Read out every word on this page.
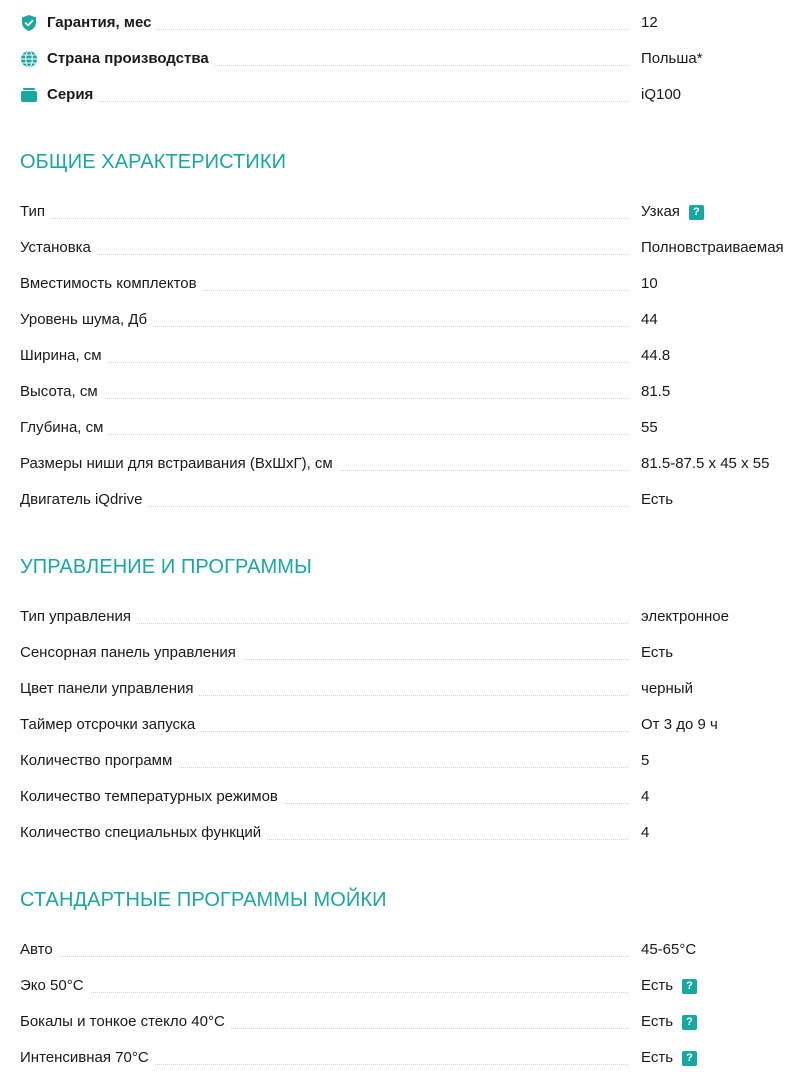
Гарантия, мес	12
Страна производства	Польша*
Серия	iQ100
ОБЩИЕ ХАРАКТЕРИСТИКИ
Тип	Узкая	?
Установка	Полновстраиваемая
Вместимость комплектов	10
Уровень шума, Дб	44
Ширина, см	44.8
Высота, см	81.5
Глубина, см	55
Размеры ниши для встраивания (ВхШхГ), см	81.5-87.5 х 45 х 55
Двигатель iQdrive	Есть
УПРАВЛЕНИЕ И ПРОГРАММЫ
Тип управления	электронное
Сенсорная панель управления	Есть
Цвет панели управления	черный
Таймер отсрочки запуска	От 3 до 9 ч
Количество программ	5
Количество температурных режимов	4
Количество специальных функций	4
СТАНДАРТНЫЕ ПРОГРАММЫ МОЙКИ
Авто	45-65°C
Эко 50°C	Есть	?
Бокалы и тонкое стекло 40°C	Есть	?
Интенсивная 70°C	Есть	?
